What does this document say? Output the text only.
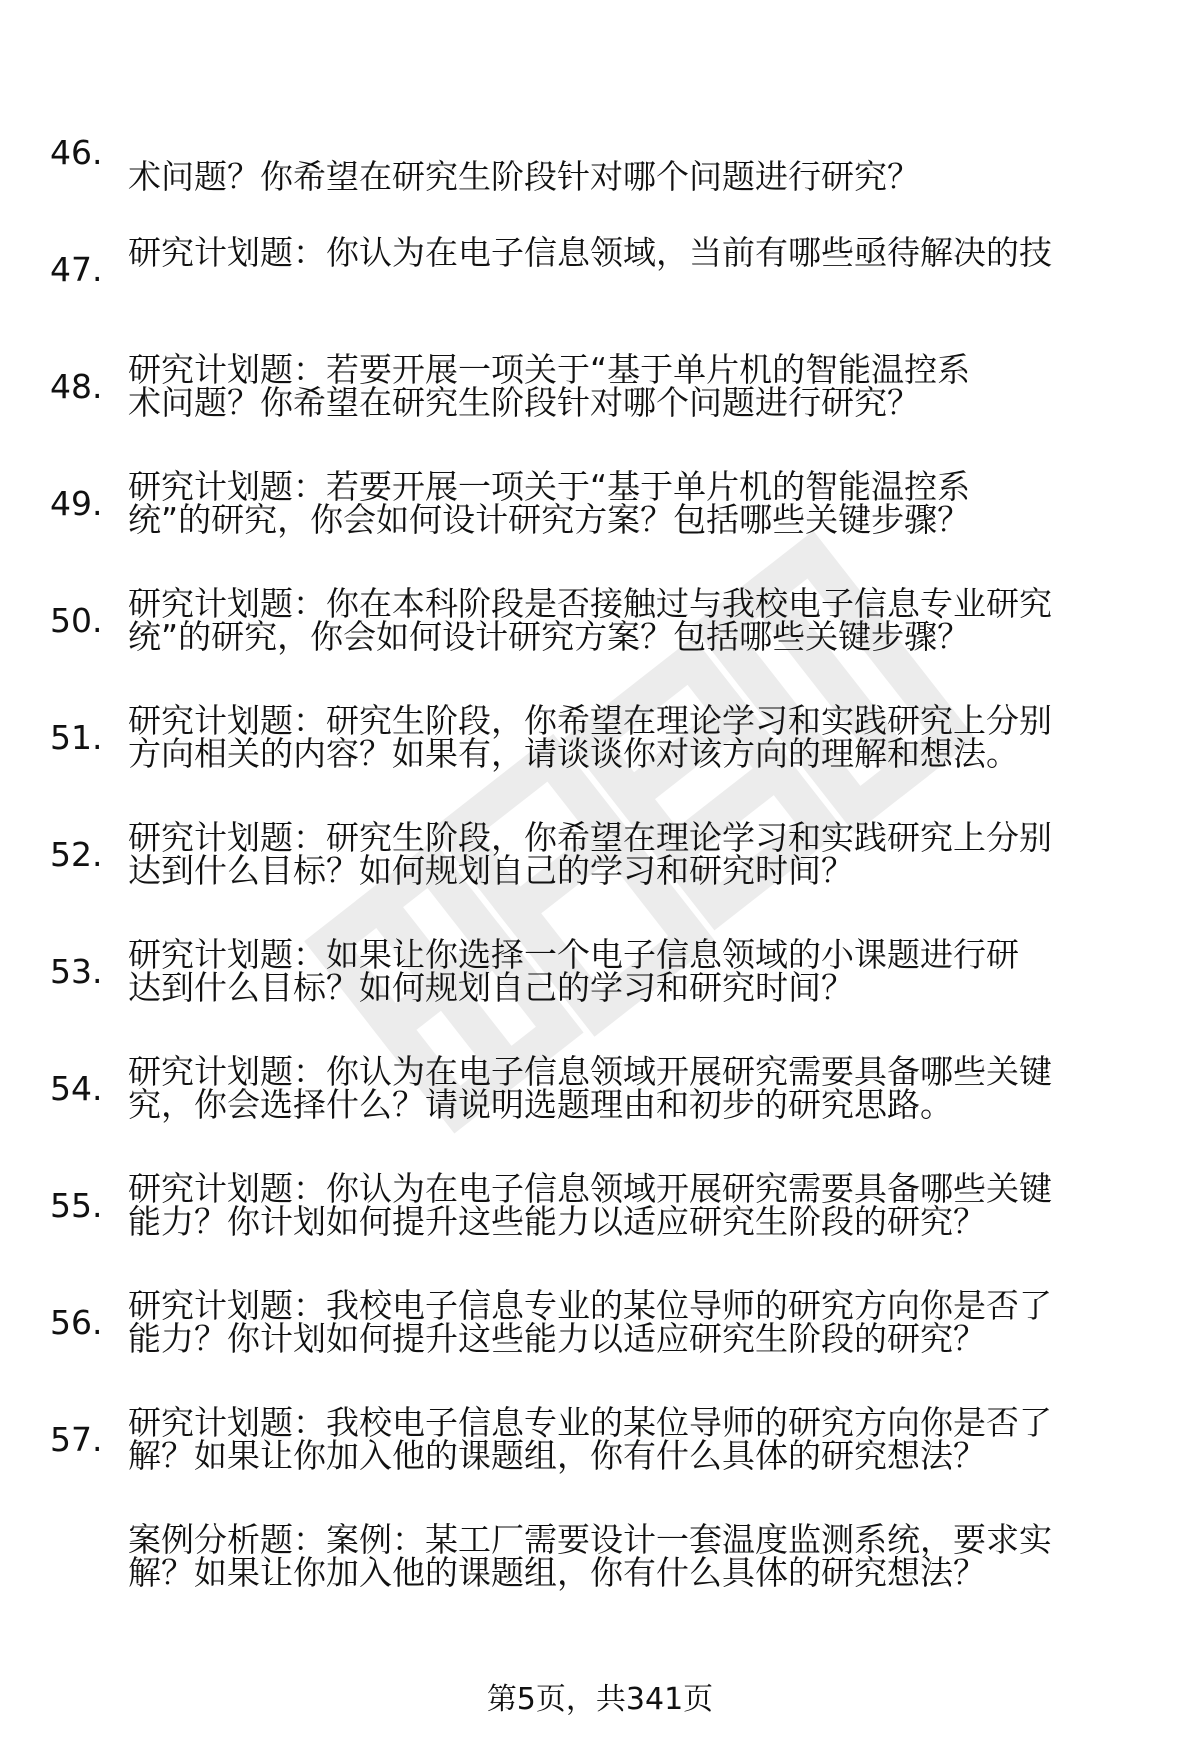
术问题？你希望在研究生阶段针对哪个问题进行研究？

46.

研究计划题：你认为在电子信息领域，当前有哪些亟待解决的技

术问题？你希望在研究生阶段针对哪个问题进行研究？

47.

研究计划题：若要开展一项关于“基于单片机的智能温控系

统”的研究，你会如何设计研究方案？包括哪些关键步骤？

48.

研究计划题：若要开展一项关于“基于单片机的智能温控系

统”的研究，你会如何设计研究方案？包括哪些关键步骤？

49.

研究计划题：你在本科阶段是否接触过与我校电子信息专业研究

方向相关的内容？如果有，请谈谈你对该方向的理解和想法。

50.

研究计划题：研究生阶段，你希望在理论学习和实践研究上分别

达到什么目标？如何规划自己的学习和研究时间？

51.

研究计划题：研究生阶段，你希望在理论学习和实践研究上分别

达到什么目标？如何规划自己的学习和研究时间？

52.

研究计划题：如果让你选择一个电子信息领域的小课题进行研

究，你会选择什么？请说明选题理由和初步的研究思路。

53.

研究计划题：你认为在电子信息领域开展研究需要具备哪些关键

能力？你计划如何提升这些能力以适应研究生阶段的研究？

54.

研究计划题：你认为在电子信息领域开展研究需要具备哪些关键

能力？你计划如何提升这些能力以适应研究生阶段的研究？

55.

研究计划题：我校电子信息专业的某位导师的研究方向你是否了

解？如果让你加入他的课题组，你有什么具体的研究想法？

56.

研究计划题：我校电子信息专业的某位导师的研究方向你是否了

解？如果让你加入他的课题组，你有什么具体的研究想法？

57.

案例分析题：案例：某工厂需要设计一套温度监测系统，要求实

第5页，共341页
